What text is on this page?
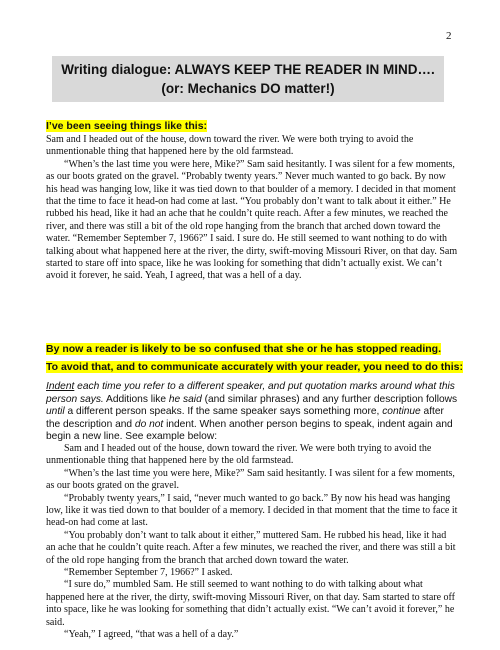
2
Writing dialogue: ALWAYS KEEP THE READER IN MIND….
(or: Mechanics DO matter!)
I’ve been seeing things like this:

Sam and I headed out of the house, down toward the river. We were both trying to avoid the unmentionable thing that happened here by the old farmstead.

“When’s the last time you were here, Mike?” Sam said hesitantly. I was silent for a few moments, as our boots grated on the gravel. “Probably twenty years.” Never much wanted to go back. By now his head was hanging low, like it was tied down to that boulder of a memory. I decided in that moment that the time to face it head-on had come at last. “You probably don’t want to talk about it either.” He rubbed his head, like it had an ache that he couldn’t quite reach. After a few minutes, we reached the river, and there was still a bit of the old rope hanging from the branch that arched down toward the water. “Remember September 7, 1966?” I said. I sure do. He still seemed to want nothing to do with talking about what happened here at the river, the dirty, swift-moving Missouri River, on that day. Sam started to stare off into space, like he was looking for something that didn’t actually exist. We can’t avoid it forever, he said. Yeah, I agreed, that was a hell of a day.

By now a reader is likely to be so confused that she or he has stopped reading.
To avoid that, and to communicate accurately with your reader, you need to do this:
Indent each time you refer to a different speaker, and put quotation marks around what this person says. Additions like he said (and similar phrases) and any further description follows until a different person speaks. If the same speaker says something more, continue after the description and do not indent. When another person begins to speak, indent again and begin a new line. See example below:

Sam and I headed out of the house, down toward the river. We were both trying to avoid the unmentionable thing that happened here by the old farmstead.

“When’s the last time you were here, Mike?” Sam said hesitantly. I was silent for a few moments, as our boots grated on the gravel.

“Probably twenty years,” I said, “never much wanted to go back.” By now his head was hanging low, like it was tied down to that boulder of a memory. I decided in that moment that the time to face it head-on had come at last.

“You probably don’t want to talk about it either,” muttered Sam. He rubbed his head, like it had an ache that he couldn’t quite reach. After a few minutes, we reached the river, and there was still a bit of the old rope hanging from the branch that arched down toward the water.

“Remember September 7, 1966?” I asked.

“I sure do,” mumbled Sam. He still seemed to want nothing to do with talking about what happened here at the river, the dirty, swift-moving Missouri River, on that day. Sam started to stare off into space, like he was looking for something that didn’t actually exist. “We can’t avoid it forever,” he said.

“Yeah,” I agreed, “that was a hell of a day.”
